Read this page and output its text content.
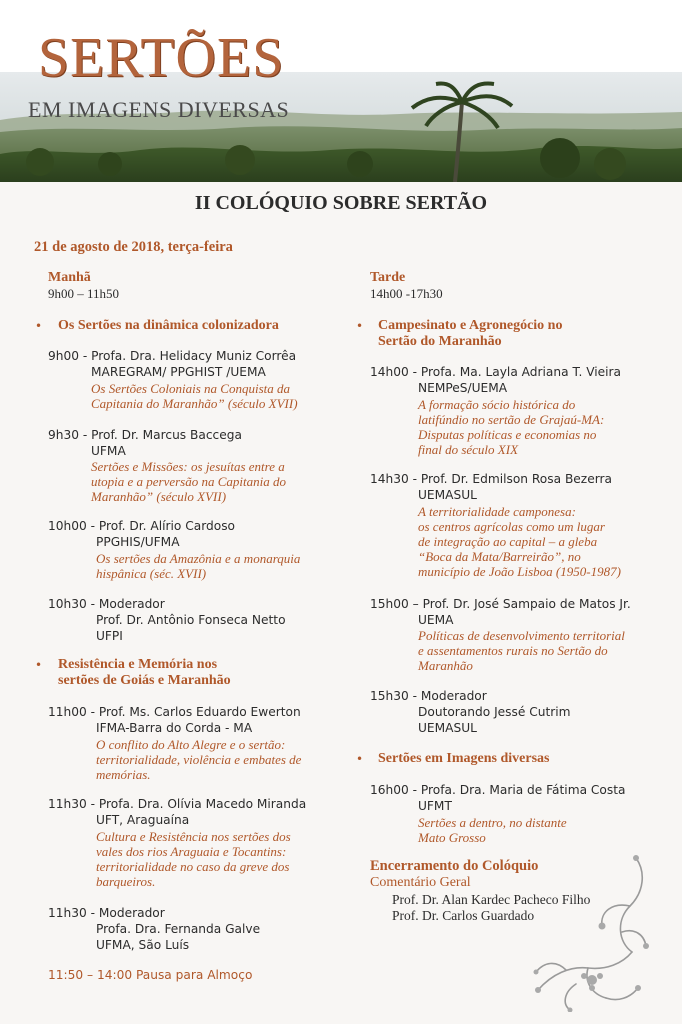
SERTÕES
EM IMAGENS DIVERSAS
II COLÓQUIO SOBRE SERTÃO
21 de agosto de 2018, terça-feira
Manhã
9h00 – 11h50
• Os Sertões na dinâmica colonizadora
9h00 - Profa. Dra. Helidacy Muniz Corrêa
MAREGRAM/ PPGHIST /UEMA
Os Sertões Coloniais na Conquista da
Capitania do Maranhão” (século XVII)
9h30 - Prof. Dr. Marcus Baccega
UFMA
Sertões e Missões: os jesuítas entre a
utopia e a perversão na Capitania do
Maranhão” (século XVII)
10h00 - Prof. Dr. Alírio Cardoso
PPGHIS/UFMA
Os sertões da Amazônia e a monarquia
hispânica (séc. XVII)
10h30 - Moderador
Prof. Dr. Antônio Fonseca Netto
UFPI
• Resistência e Memória nos
sertões de Goiás e Maranhão
11h00 - Prof. Ms. Carlos Eduardo Ewerton
IFMA-Barra do Corda - MA
O conflito do Alto Alegre e o sertão:
territorialidade, violência e embates de
memórias.
11h30 - Profa. Dra. Olívia Macedo Miranda
UFT, Araguaína
Cultura e Resistência nos sertões dos
vales dos rios Araguaia e Tocantins:
territorialidade no caso da greve dos
barqueiros.
11h30 - Moderador
Profa. Dra. Fernanda Galve
UFMA, São Luís
11:50 – 14:00 Pausa para Almoço
Tarde
14h00 -17h30
• Campesinato e Agronegócio no
Sertão do Maranhão
14h00 - Profa. Ma. Layla Adriana T. Vieira
NEMPeS/UEMA
A formação sócio histórica do
latifúndio no sertão de Grajaú-MA:
Disputas políticas e economias no
final do século XIX
14h30 - Prof. Dr. Edmilson Rosa Bezerra
UEMASUL
A territorialidade camponesa:
os centros agrícolas como um lugar
de integração ao capital – a gleba
“Boca da Mata/Barreirão”, no
município de João Lisboa (1950-1987)
15h00 – Prof. Dr. José Sampaio de Matos Jr.
UEMA
Políticas de desenvolvimento territorial
e assentamentos rurais no Sertão do
Maranhão
15h30 - Moderador
Doutorando Jessé Cutrim
UEMASUL
• Sertões em Imagens diversas
16h00 - Profa. Dra. Maria de Fátima Costa
UFMT
Sertões a dentro, no distante
Mato Grosso
Encerramento do Colóquio
Comentário Geral
Prof. Dr. Alan Kardec Pacheco Filho
Prof. Dr. Carlos Guardado
